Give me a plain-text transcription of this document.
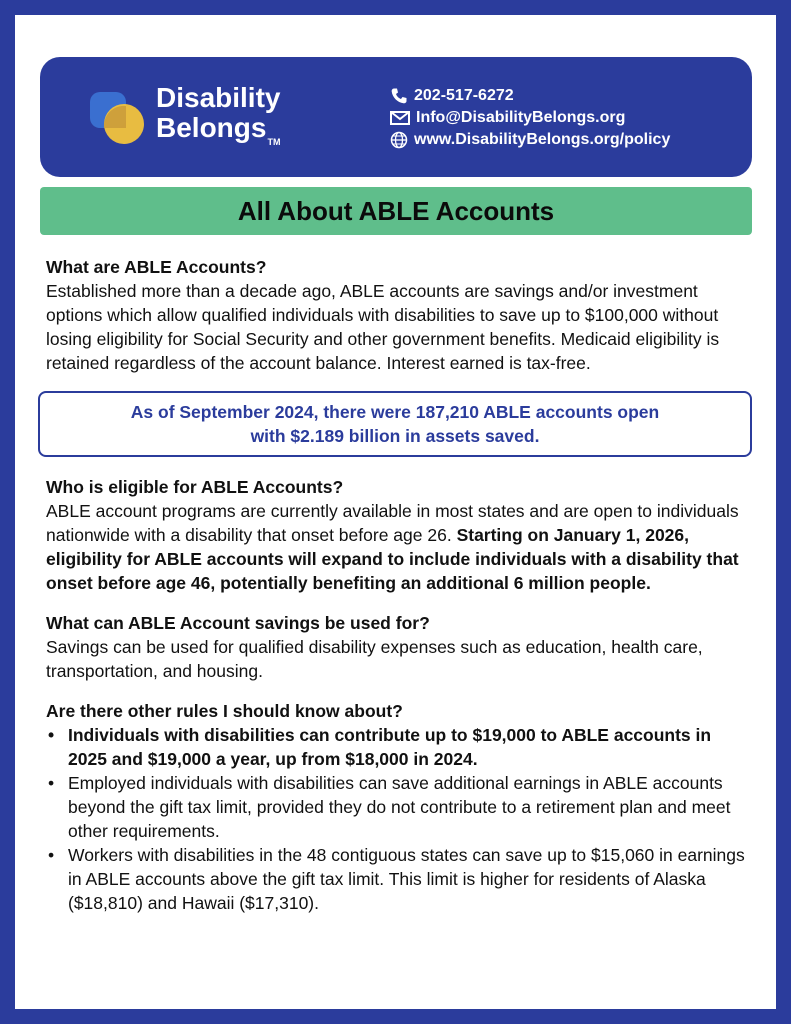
Disability
Belongs™
202-517-6272
Info@DisabilityBelongs.org
www.DisabilityBelongs.org/policy
All About ABLE Accounts
What are ABLE Accounts?
Established more than a decade ago, ABLE accounts are savings and/or investment options which allow qualified individuals with disabilities to save up to $100,000 without losing eligibility for Social Security and other government benefits. Medicaid eligibility is retained regardless of the account balance. Interest earned is tax-free.
As of September 2024, there were 187,210 ABLE accounts open
with $2.189 billion in assets saved.
Who is eligible for ABLE Accounts?
ABLE account programs are currently available in most states and are open to individuals nationwide with a disability that onset before age 26. Starting on January 1, 2026, eligibility for ABLE accounts will expand to include individuals with a disability that onset before age 46, potentially benefiting an additional 6 million people.
What can ABLE Account savings be used for?
Savings can be used for qualified disability expenses such as education, health care, transportation, and housing.
Are there other rules I should know about?
• Individuals with disabilities can contribute up to $19,000 to ABLE accounts in 2025 and $19,000 a year, up from $18,000 in 2024.
• Employed individuals with disabilities can save additional earnings in ABLE accounts beyond the gift tax limit, provided they do not contribute to a retirement plan and meet other requirements.
• Workers with disabilities in the 48 contiguous states can save up to $15,060 in earnings in ABLE accounts above the gift tax limit. This limit is higher for residents of Alaska ($18,810) and Hawaii ($17,310).
